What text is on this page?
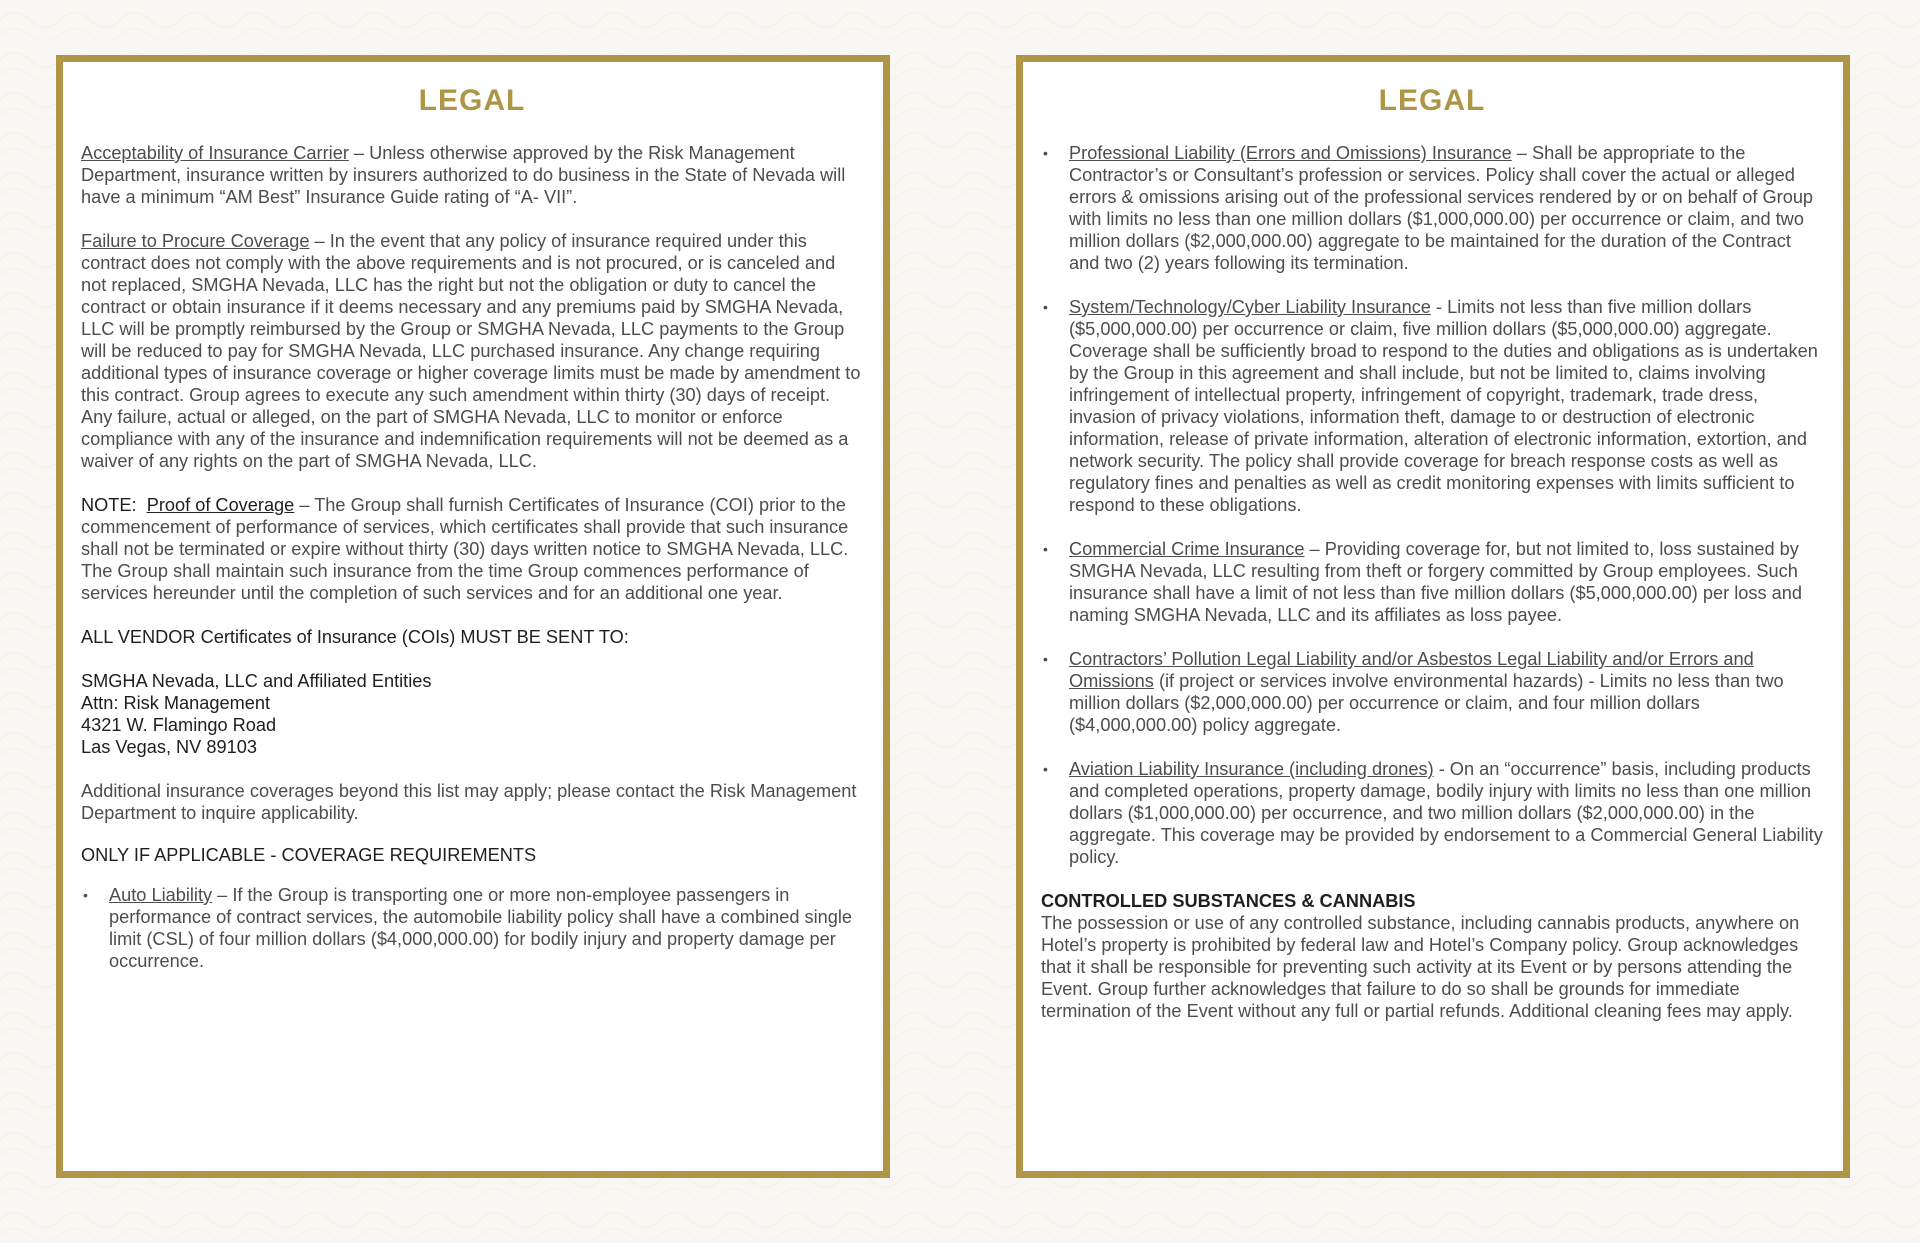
LEGAL

Acceptability of Insurance Carrier – Unless otherwise approved by the Risk Management Department, insurance written by insurers authorized to do business in the State of Nevada will have a minimum “AM Best” Insurance Guide rating of “A- VII”.

Failure to Procure Coverage – In the event that any policy of insurance required under this contract does not comply with the above requirements and is not procured, or is canceled and not replaced, SMGHA Nevada, LLC has the right but not the obligation or duty to cancel the contract or obtain insurance if it deems necessary and any premiums paid by SMGHA Nevada, LLC will be promptly reimbursed by the Group or SMGHA Nevada, LLC payments to the Group will be reduced to pay for SMGHA Nevada, LLC purchased insurance. Any change requiring additional types of insurance coverage or higher coverage limits must be made by amendment to this contract. Group agrees to execute any such amendment within thirty (30) days of receipt. Any failure, actual or alleged, on the part of SMGHA Nevada, LLC to monitor or enforce compliance with any of the insurance and indemnification requirements will not be deemed as a waiver of any rights on the part of SMGHA Nevada, LLC.

NOTE:  Proof of Coverage – The Group shall furnish Certificates of Insurance (COI) prior to the commencement of performance of services, which certificates shall provide that such insurance shall not be terminated or expire without thirty (30) days written notice to SMGHA Nevada, LLC. The Group shall maintain such insurance from the time Group commences performance of services hereunder until the completion of such services and for an additional one year.

ALL VENDOR Certificates of Insurance (COIs) MUST BE SENT TO:

SMGHA Nevada, LLC and Affiliated Entities
Attn: Risk Management
4321 W. Flamingo Road
Las Vegas, NV 89103

Additional insurance coverages beyond this list may apply; please contact the Risk Management Department to inquire applicability.

ONLY IF APPLICABLE - COVERAGE REQUIREMENTS

• Auto Liability – If the Group is transporting one or more non-employee passengers in performance of contract services, the automobile liability policy shall have a combined single limit (CSL) of four million dollars ($4,000,000.00) for bodily injury and property damage per occurrence.
LEGAL
• Professional Liability (Errors and Omissions) Insurance – Shall be appropriate to the Contractor’s or Consultant’s profession or services. Policy shall cover the actual or alleged errors & omissions arising out of the professional services rendered by or on behalf of Group with limits no less than one million dollars ($1,000,000.00) per occurrence or claim, and two million dollars ($2,000,000.00) aggregate to be maintained for the duration of the Contract and two (2) years following its termination.
• System/Technology/Cyber Liability Insurance - Limits not less than five million dollars ($5,000,000.00) per occurrence or claim, five million dollars ($5,000,000.00) aggregate. Coverage shall be sufficiently broad to respond to the duties and obligations as is undertaken by the Group in this agreement and shall include, but not be limited to, claims involving infringement of intellectual property, infringement of copyright, trademark, trade dress, invasion of privacy violations, information theft, damage to or destruction of electronic information, release of private information, alteration of electronic information, extortion, and network security. The policy shall provide coverage for breach response costs as well as regulatory fines and penalties as well as credit monitoring expenses with limits sufficient to respond to these obligations.
• Commercial Crime Insurance – Providing coverage for, but not limited to, loss sustained by SMGHA Nevada, LLC resulting from theft or forgery committed by Group employees. Such insurance shall have a limit of not less than five million dollars ($5,000,000.00) per loss and naming SMGHA Nevada, LLC and its affiliates as loss payee.
• Contractors’ Pollution Legal Liability and/or Asbestos Legal Liability and/or Errors and Omissions (if project or services involve environmental hazards) - Limits no less than two million dollars ($2,000,000.00) per occurrence or claim, and four million dollars ($4,000,000.00) policy aggregate.
• Aviation Liability Insurance (including drones) - On an “occurrence” basis, including products and completed operations, property damage, bodily injury with limits no less than one million dollars ($1,000,000.00) per occurrence, and two million dollars ($2,000,000.00) in the aggregate. This coverage may be provided by endorsement to a Commercial General Liability policy.

CONTROLLED SUBSTANCES & CANNABIS

The possession or use of any controlled substance, including cannabis products, anywhere on Hotel’s property is prohibited by federal law and Hotel’s Company policy. Group acknowledges that it shall be responsible for preventing such activity at its Event or by persons attending the Event. Group further acknowledges that failure to do so shall be grounds for immediate termination of the Event without any full or partial refunds. Additional cleaning fees may apply.
